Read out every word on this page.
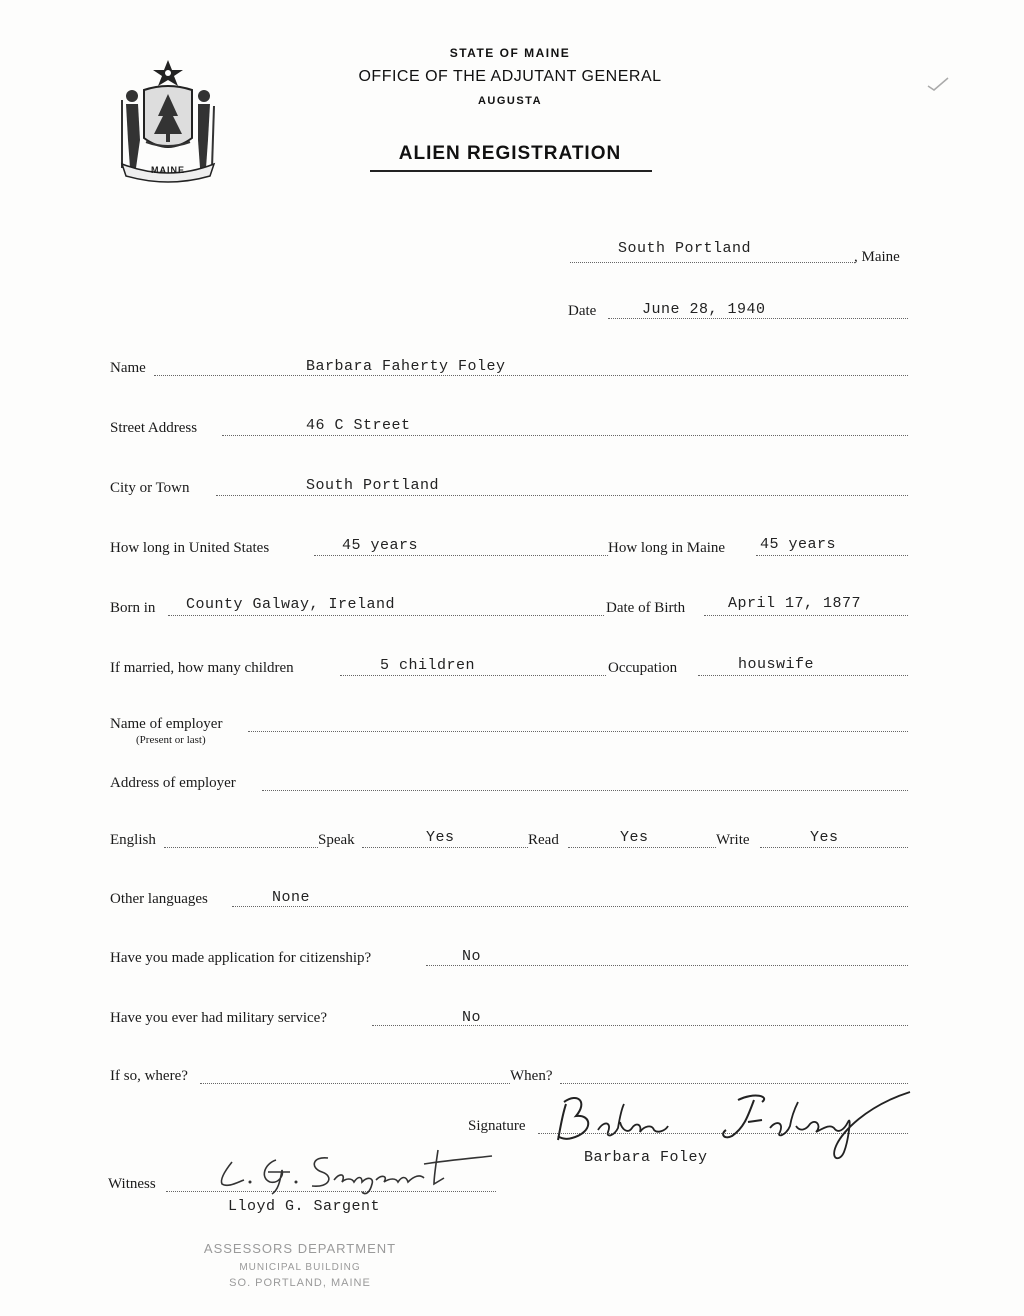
MAINE
STATE OF MAINE
OFFICE OF THE ADJUTANT GENERAL
AUGUSTA
ALIEN REGISTRATION
South Portland	, Maine
Date	June 28, 1940
Name	Barbara Faherty Foley
Street Address	46 C Street
City or Town	South Portland
How long in United States	45 years	How long in Maine 45 years
Born in County Galway, Ireland	Date of Birth	April 17, 1877
If married, how many children	5 children	Occupation	houswife
Name of employer
(Present or last)
Address of employer
English	Speak	Yes	Read	Yes	Write	Yes
Other languages	None
Have you made application for citizenship?	No
Have you ever had military service?	No
If so, where?	When?
Signature
Barbara Foley
Witness
Lloyd G. Sargent
ASSESSORS DEPARTMENT
MUNICIPAL BUILDING
SO. PORTLAND, MAINE
